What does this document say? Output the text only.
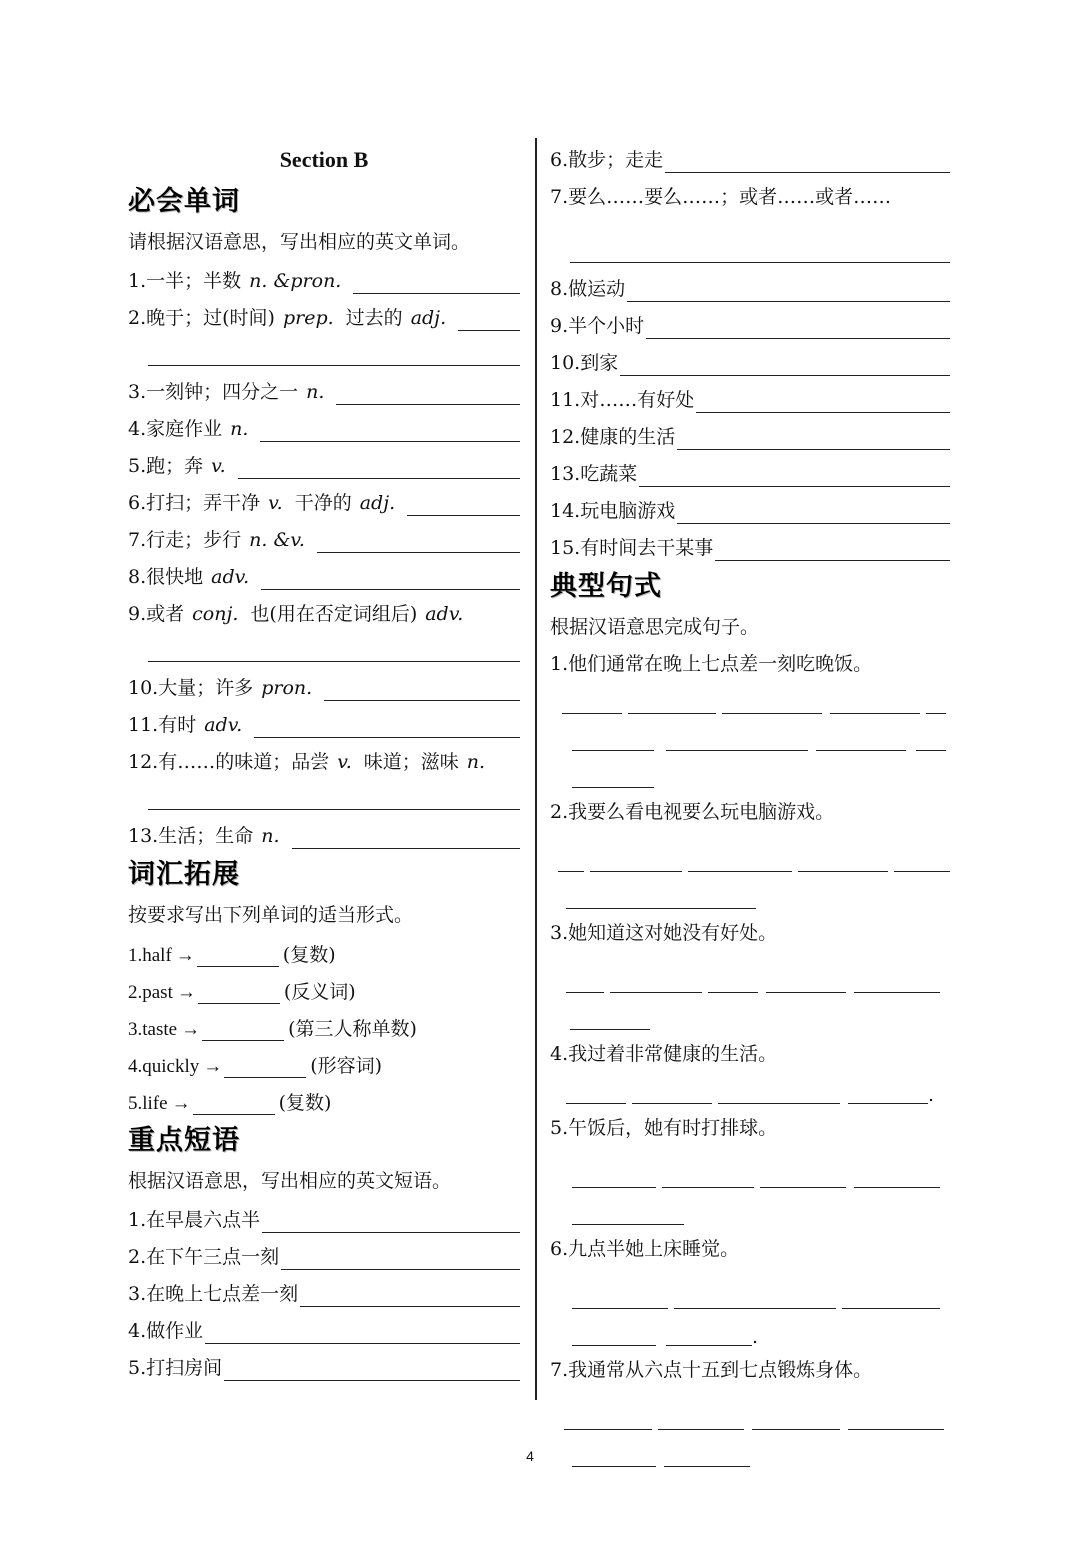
Section B
必会单词
请根据汉语意思，写出相应的英文单词。
1. 一半；半数 n. &pron.
2. 晚于；过(时间) prep. 过去的 adj.
3. 一刻钟；四分之一 n.
4. 家庭作业 n.
5. 跑；奔 v.
6. 打扫；弄干净 v. 干净的 adj.
7. 行走；步行 n. &v.
8. 很快地 adv.
9. 或者 conj. 也(用在否定词组后) adv.
10. 大量；许多 pron.
11. 有时 adv.
12. 有……的味道；品尝 v. 味道；滋味 n.
13. 生活；生命 n.
词汇拓展
按要求写出下列单词的适当形式。
1. half →	(复数)
2. past →	(反义词)
3. taste →	(第三人称单数)
4. quickly →	(形容词)
5. life →	(复数)
重点短语
根据汉语意思，写出相应的英文短语。
1. 在早晨六点半
2. 在下午三点一刻
3. 在晚上七点差一刻
4. 做作业
5. 打扫房间
6. 散步；走走
7. 要么……要么……；或者……或者……
8. 做运动
9. 半个小时
10. 到家
11. 对……有好处
12. 健康的生活
13. 吃蔬菜
14. 玩电脑游戏
15. 有时间去干某事
典型句式
根据汉语意思完成句子。
1.他们通常在晚上七点差一刻吃晚饭。
2.我要么看电视要么玩电脑游戏。
3.她知道这对她没有好处。
4.我过着非常健康的生活。
.
5.午饭后，她有时打排球。
6.九点半她上床睡觉。
.
7.我通常从六点十五到七点锻炼身体。
4
